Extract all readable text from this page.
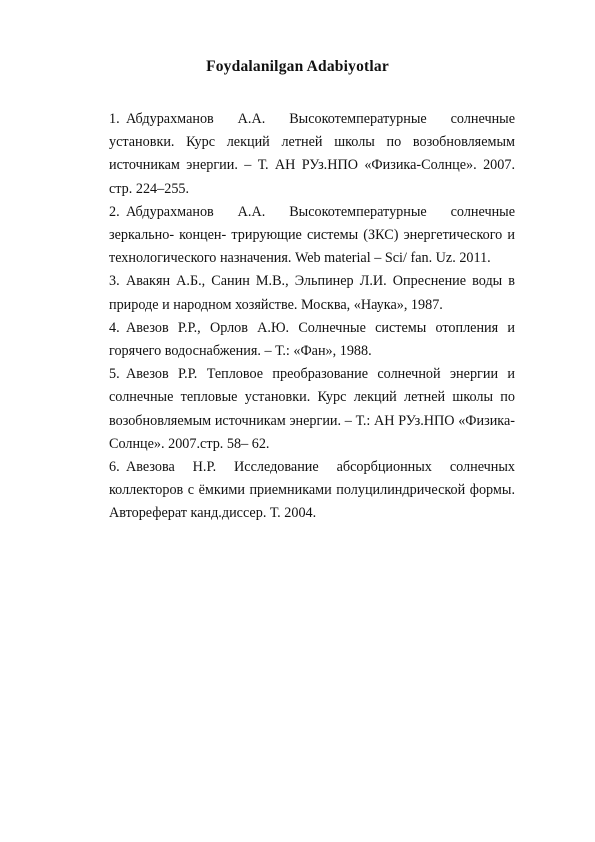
Foydalanilgan Adabiyotlar

1. Абдурахманов А.А. Высокотемпературные солнечные установки. Курс лекций летней школы по возобновляемым источникам энергии. – Т. АН РУз.НПО «Физика-Солнце». 2007. стр. 224–255.

2. Абдурахманов А.А. Высокотемпературные солнечные зеркально- концен- трирующие системы (ЗКС) энергетического и технологического назначения. Web material – Sci/ fan. Uz. 2011.

3. Авакян А.Б., Санин М.В., Эльпинер Л.И. Опреснение воды в природе и народном хозяйстве. Москва, «Наука», 1987.

4. Авезов Р.Р., Орлов А.Ю. Солнечные системы отопления и горячего водоснабжения. – Т.: «Фан», 1988.

5. Авезов Р.Р. Тепловое преобразование солнечной энергии и солнечные тепловые установки. Курс лекций летней школы по возобновляемым источникам энергии. – Т.: АН РУз.НПО «Физика-Солнце». 2007.стр. 58– 62.

6. Авезова Н.Р. Исследование абсорбционных солнечных коллекторов с ёмкими приемниками полуцилиндрической формы. Автореферат канд.диссер. Т. 2004.
